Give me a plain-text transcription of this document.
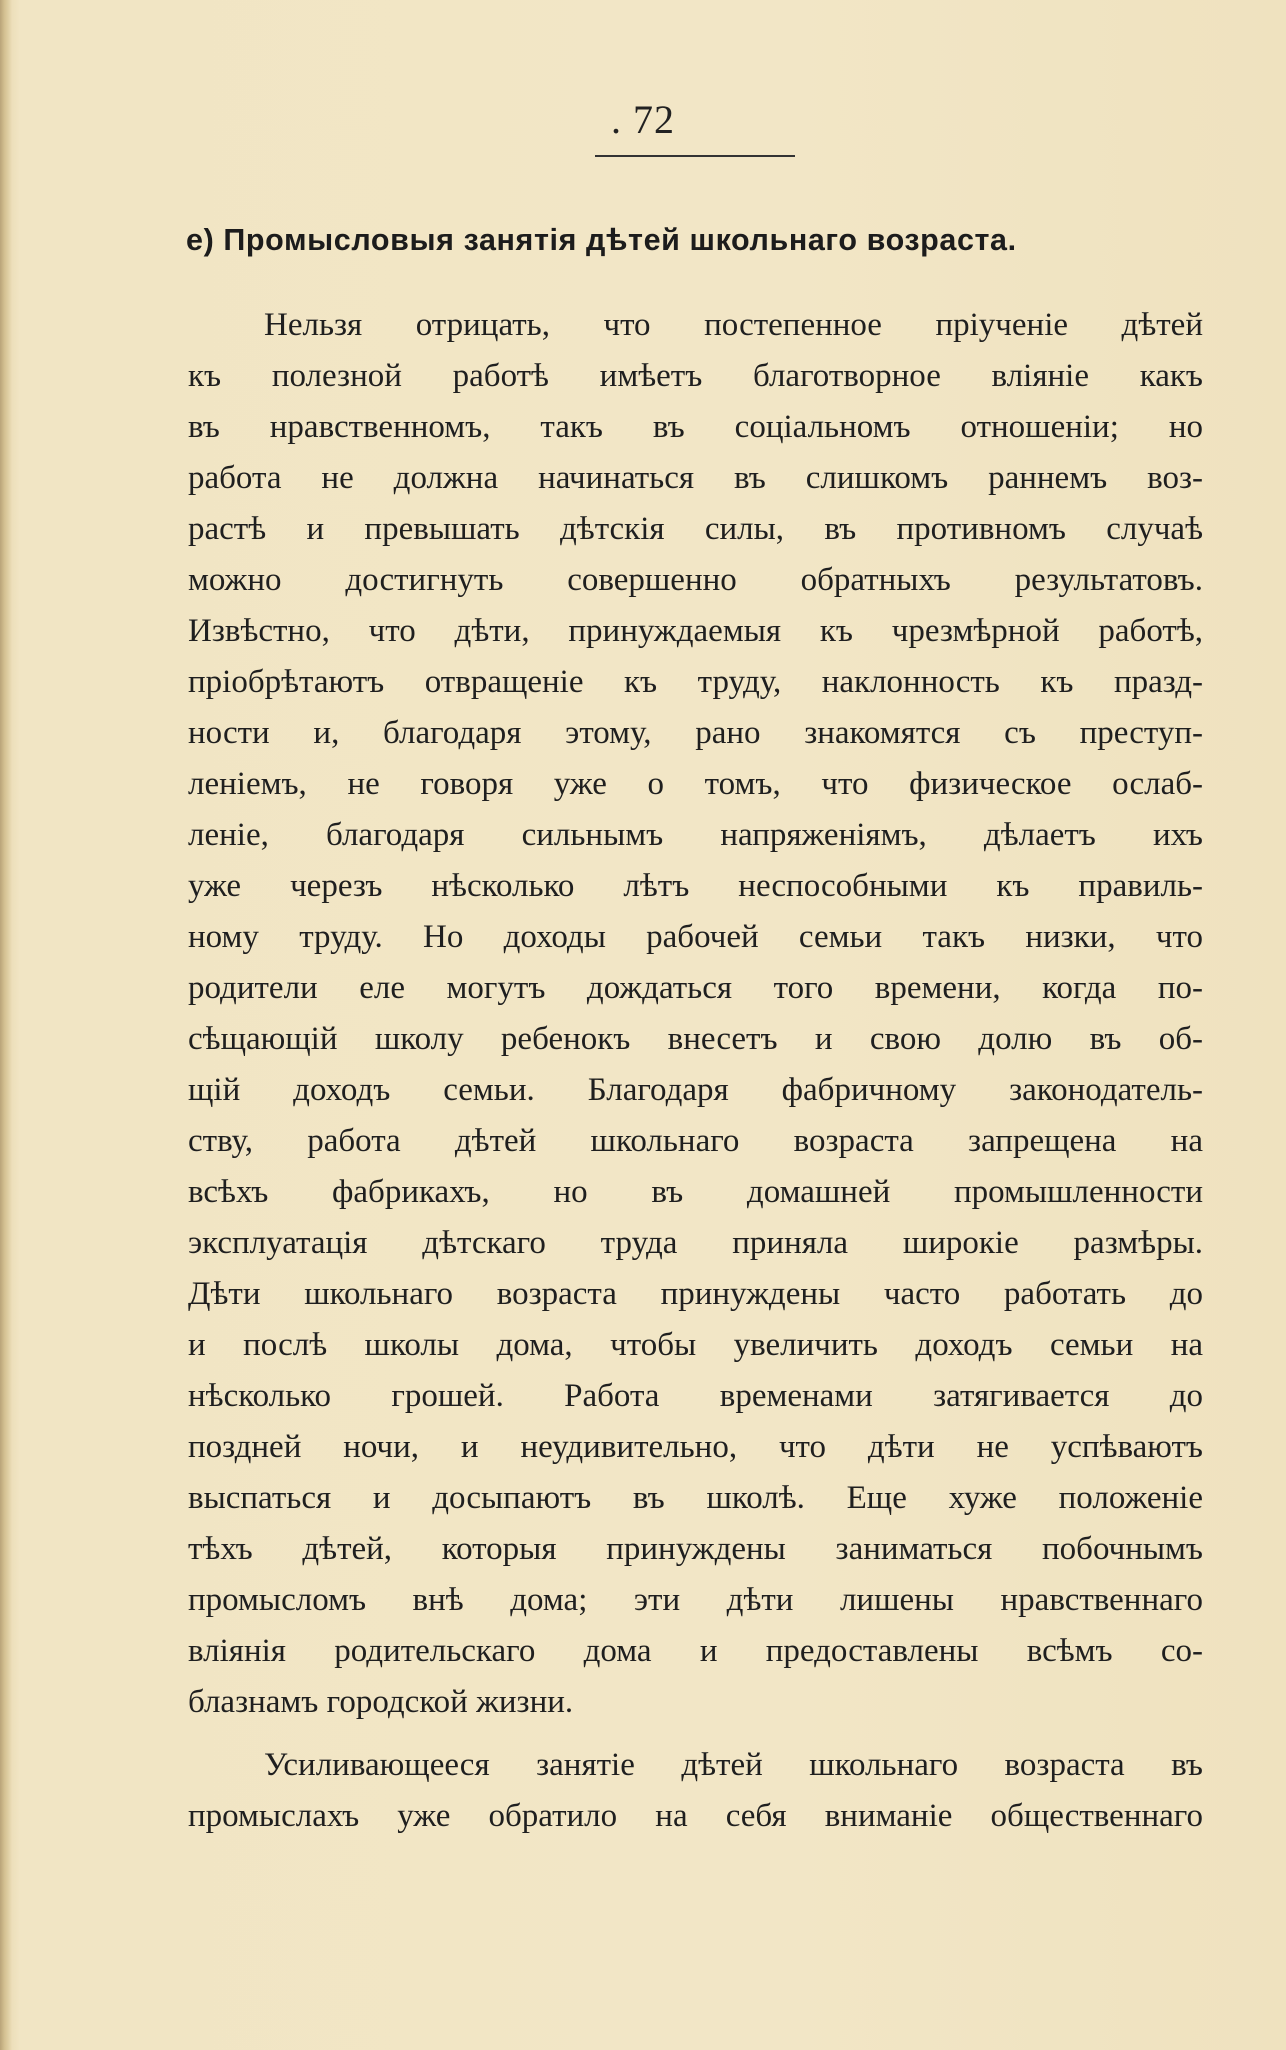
. 72
е) Промысловыя занятія дѣтей школьнаго возраста.
Нельзя отрицать, что постепенное пріученіе дѣтей
къ полезной работѣ имѣетъ благотворное вліяніе какъ
въ нравственномъ, такъ въ соціальномъ отношеніи; но
работа не должна начинаться въ слишкомъ раннемъ воз-
растѣ и превышать дѣтскія силы, въ противномъ случаѣ
можно достигнуть совершенно обратныхъ результатовъ.
Извѣстно, что дѣти, принуждаемыя къ чрезмѣрной работѣ,
пріобрѣтаютъ отвращеніе къ труду, наклонность къ празд-
ности и, благодаря этому, рано знакомятся съ преступ-
леніемъ, не говоря уже о томъ, что физическое ослаб-
леніе, благодаря сильнымъ напряженіямъ, дѣлаетъ ихъ
уже черезъ нѣсколько лѣтъ неспособными къ правиль-
ному труду. Но доходы рабочей семьи такъ низки, что
родители еле могутъ дождаться того времени, когда по-
сѣщающій школу ребенокъ внесетъ и свою долю въ об-
щій доходъ семьи. Благодаря фабричному законодатель-
ству, работа дѣтей школьнаго возраста запрещена на
всѣхъ фабрикахъ, но въ домашней промышленности
эксплуатація дѣтскаго труда приняла широкіе размѣры.
Дѣти школьнаго возраста принуждены часто работать до
и послѣ школы дома, чтобы увеличить доходъ семьи на
нѣсколько грошей. Работа временами затягивается до
поздней ночи, и неудивительно, что дѣти не успѣваютъ
выспаться и досыпаютъ въ школѣ. Еще хуже положеніе
тѣхъ дѣтей, которыя принуждены заниматься побочнымъ
промысломъ внѣ дома; эти дѣти лишены нравственнаго
вліянія родительскаго дома и предоставлены всѣмъ со-
блазнамъ городской жизни.
Усиливающееся занятіе дѣтей школьнаго возраста въ
промыслахъ уже обратило на себя вниманіе общественнаго
